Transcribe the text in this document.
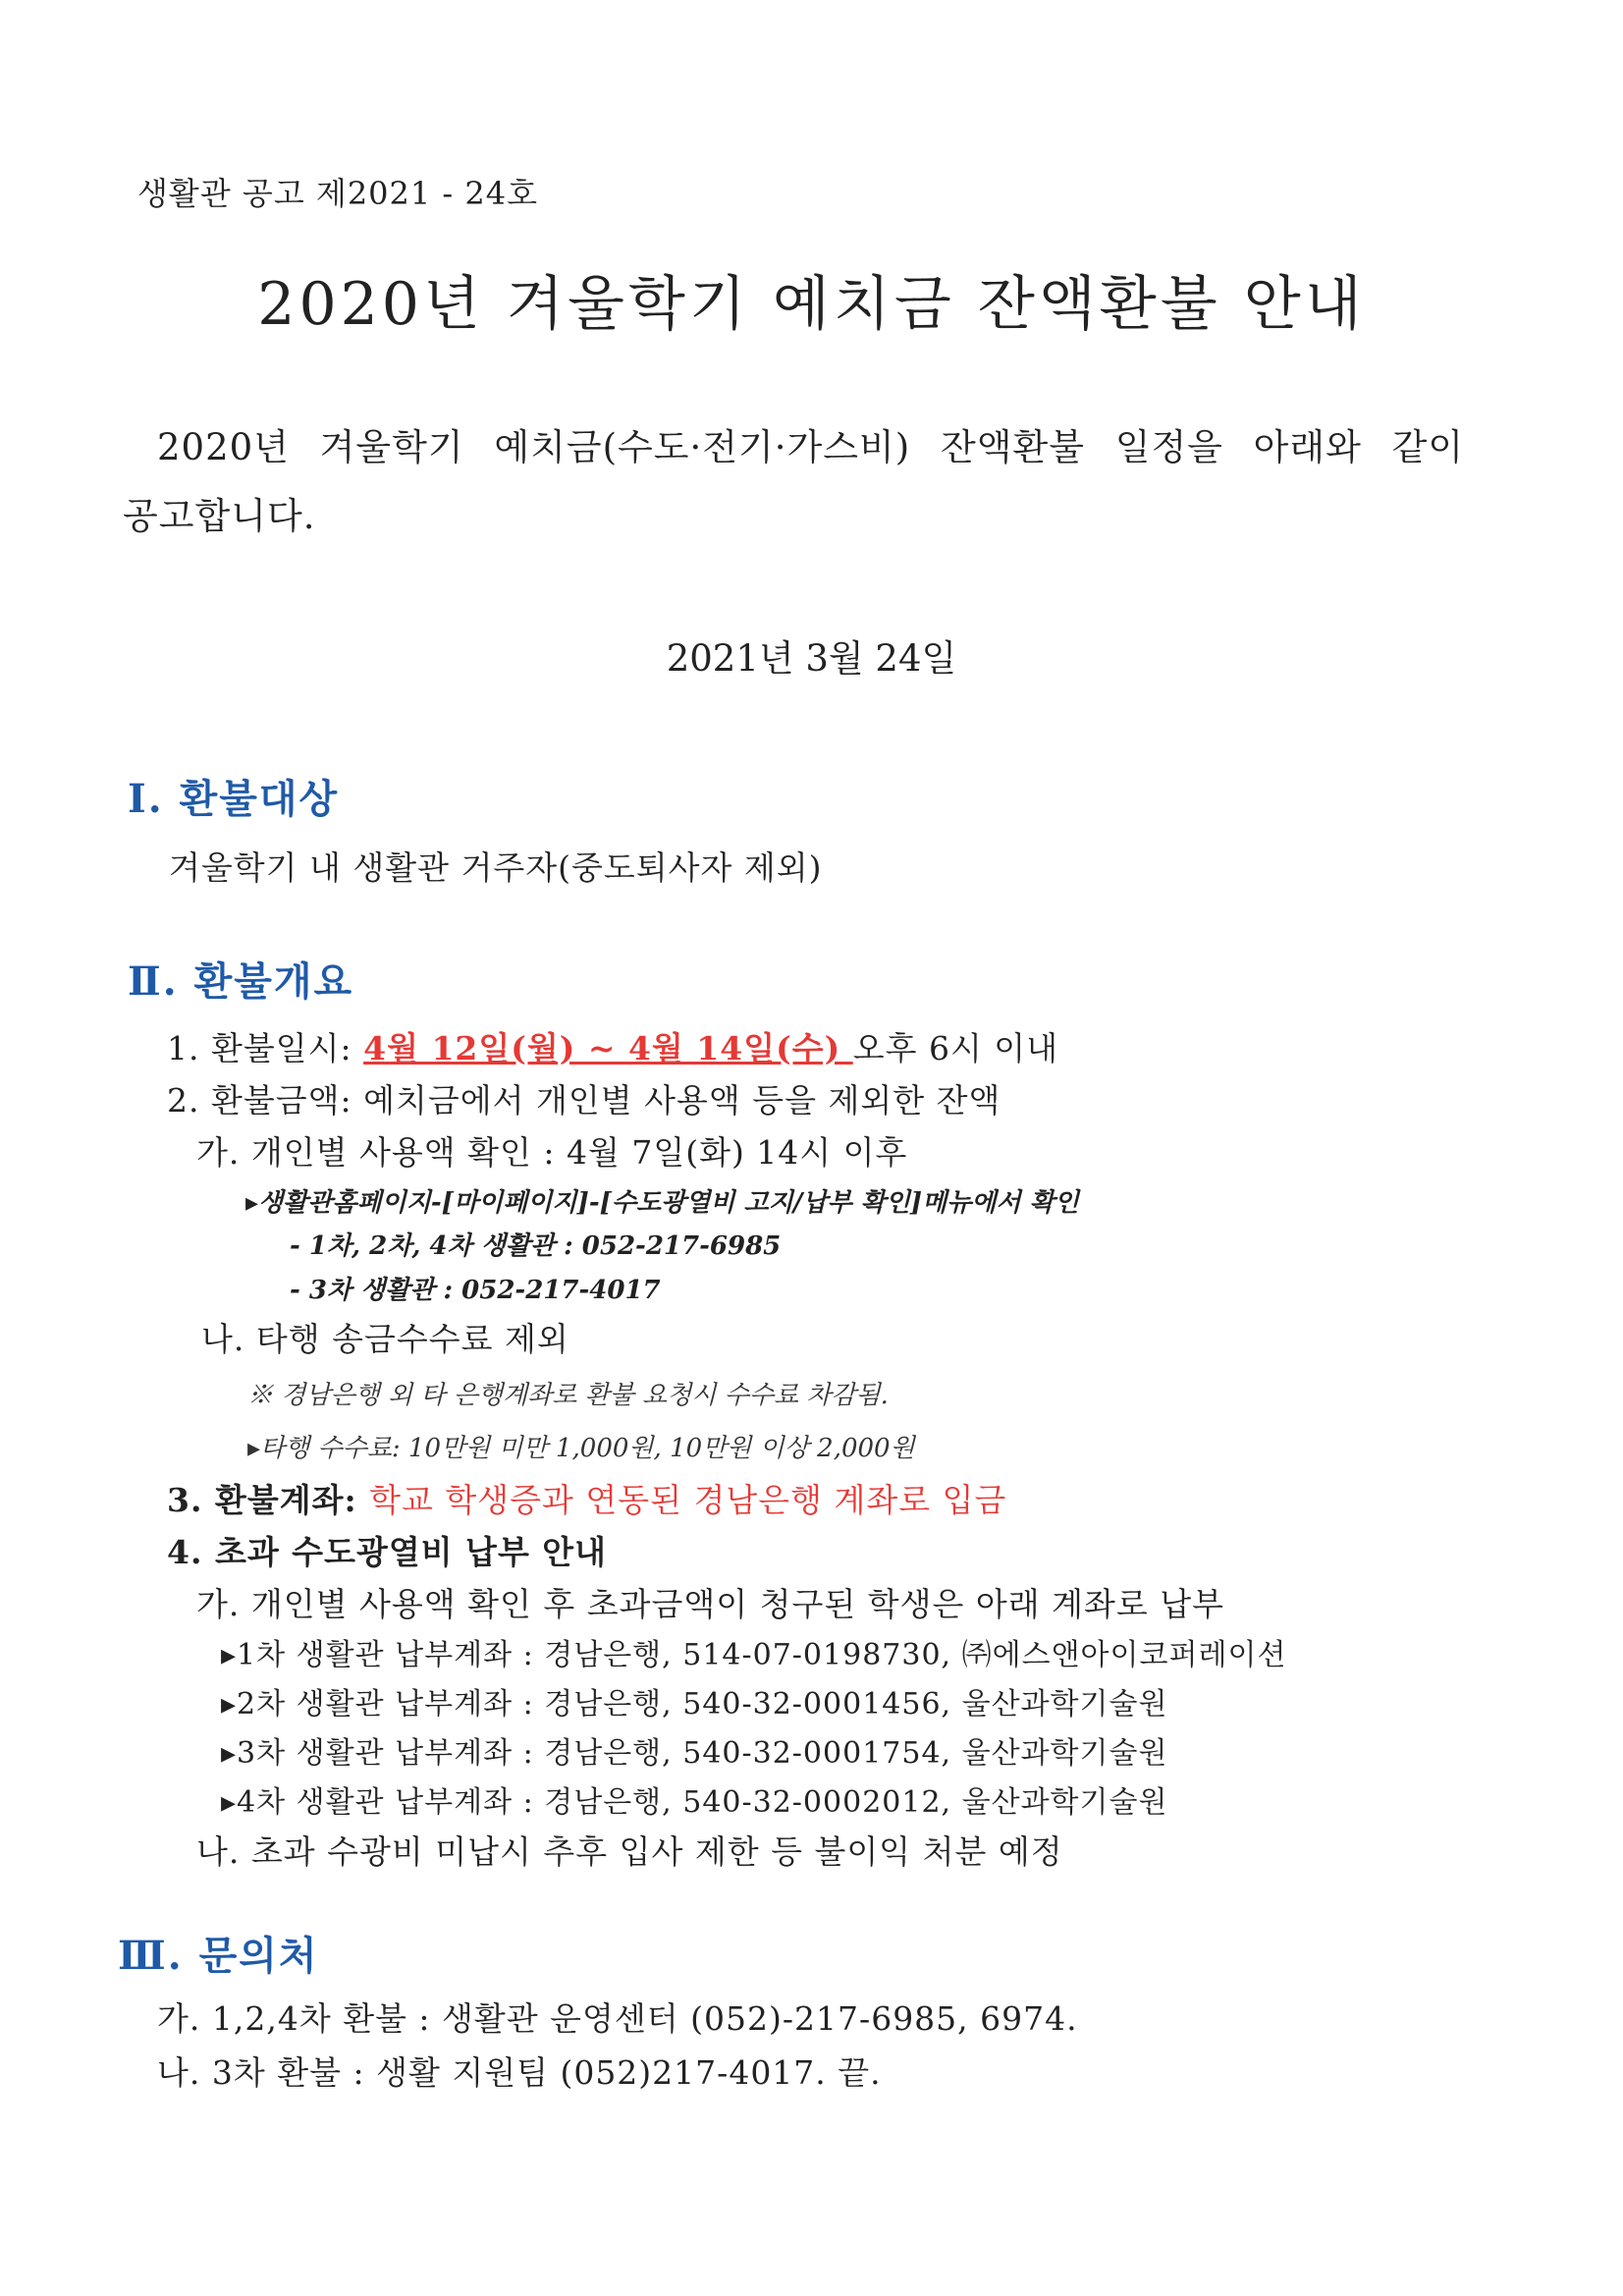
생활관 공고 제2021 - 24호
2020년 겨울학기 예치금 잔액환불 안내
2020년 겨울학기 예치금(수도·전기·가스비) 잔액환불 일정을 아래와 같이
공고합니다.
2021년 3월 24일
Ⅰ. 환불대상
겨울학기 내 생활관 거주자(중도퇴사자 제외)
Ⅱ. 환불개요
1. 환불일시: 4월 12일(월) ~ 4월 14일(수) 오후 6시 이내
2. 환불금액: 예치금에서 개인별 사용액 등을 제외한 잔액
가. 개인별 사용액 확인 : 4월 7일(화) 14시 이후
▸생활관홈페이지-[마이페이지]-[수도광열비 고지/납부 확인]메뉴에서 확인
- 1차, 2차, 4차 생활관 : 052-217-6985
- 3차 생활관 : 052-217-4017
나. 타행 송금수수료 제외
※ 경남은행 외 타 은행계좌로 환불 요청시 수수료 차감됨.
▸타행 수수료: 10만원 미만 1,000원, 10만원 이상 2,000원
3. 환불계좌: 학교 학생증과 연동된 경남은행 계좌로 입금
4. 초과 수도광열비 납부 안내
가. 개인별 사용액 확인 후 초과금액이 청구된 학생은 아래 계좌로 납부
▸1차 생활관 납부계좌 : 경남은행, 514-07-0198730, ㈜에스앤아이코퍼레이션
▸2차 생활관 납부계좌 : 경남은행, 540-32-0001456, 울산과학기술원
▸3차 생활관 납부계좌 : 경남은행, 540-32-0001754, 울산과학기술원
▸4차 생활관 납부계좌 : 경남은행, 540-32-0002012, 울산과학기술원
나. 초과 수광비 미납시 추후 입사 제한 등 불이익 처분 예정
Ⅲ. 문의처
가. 1,2,4차 환불 : 생활관 운영센터 (052)-217-6985, 6974.
나. 3차 환불 : 생활 지원팀 (052)217-4017. 끝.
